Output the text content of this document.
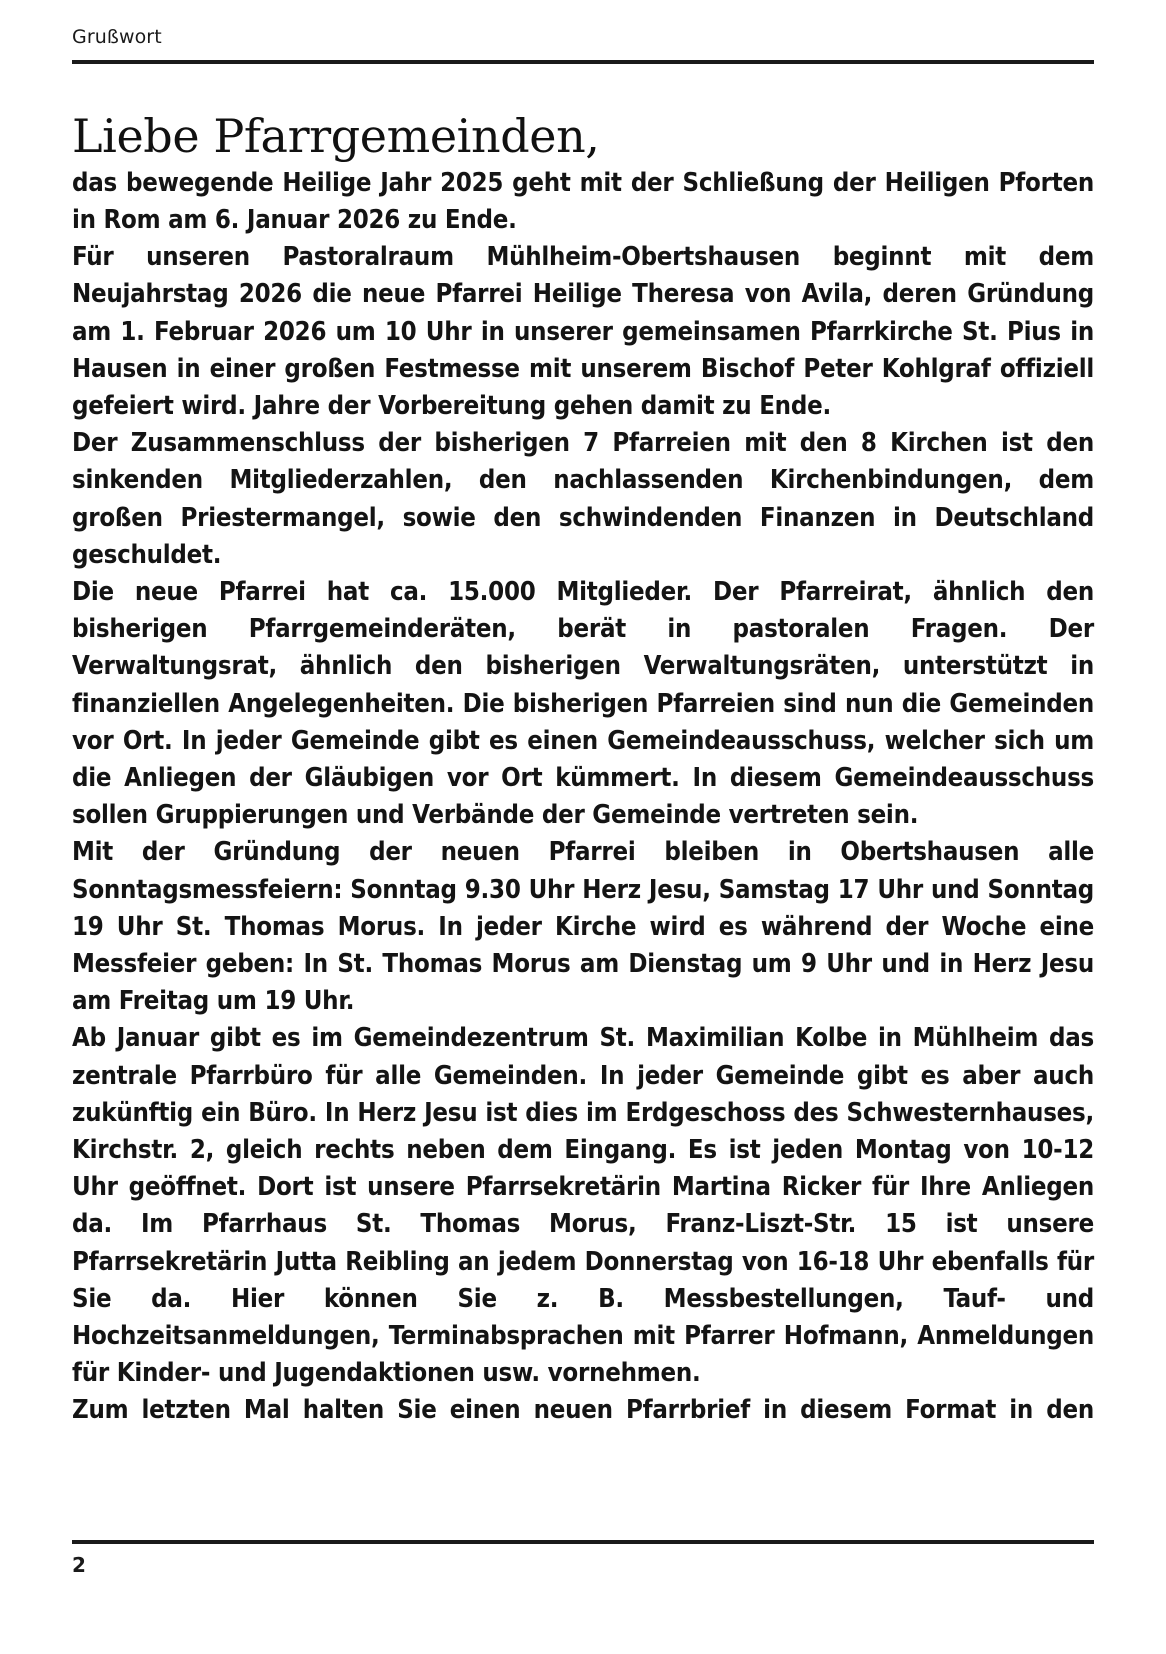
Grußwort
Liebe Pfarrgemeinden,

das bewegende Heilige Jahr 2025 geht mit der Schließung der Heiligen Pforten in Rom am 6. Januar 2026 zu Ende.

Für unseren Pastoralraum Mühlheim-Obertshausen beginnt mit dem Neujahrstag 2026 die neue Pfarrei Heilige Theresa von Avila, deren Gründung am 1. Februar 2026 um 10 Uhr in unserer gemeinsamen Pfarrkirche St. Pius in Hausen in einer großen Festmesse mit unserem Bischof Peter Kohlgraf offiziell gefeiert wird. Jahre der Vorbereitung gehen damit zu Ende.

Der Zusammenschluss der bisherigen 7 Pfarreien mit den 8 Kirchen ist den sinkenden Mitgliederzahlen, den nachlassenden Kirchenbindungen, dem großen Priestermangel, sowie den schwindenden Finanzen in Deutschland geschuldet.

Die neue Pfarrei hat ca. 15.000 Mitglieder. Der Pfarreirat, ähnlich den bisherigen Pfarrgemeinderäten, berät in pastoralen Fragen. Der Verwaltungsrat, ähnlich den bisherigen Verwaltungsräten, unterstützt in finanziellen Angelegenheiten. Die bisherigen Pfarreien sind nun die Gemeinden vor Ort. In jeder Gemeinde gibt es einen Gemeindeausschuss, welcher sich um die Anliegen der Gläubigen vor Ort kümmert. In diesem Gemeindeausschuss sollen Gruppierungen und Verbände der Gemeinde vertreten sein.

Mit der Gründung der neuen Pfarrei bleiben in Obertshausen alle Sonntagsmessfeiern: Sonntag 9.30 Uhr Herz Jesu, Samstag 17 Uhr und Sonntag 19 Uhr St. Thomas Morus. In jeder Kirche wird es während der Woche eine Messfeier geben: In St. Thomas Morus am Dienstag um 9 Uhr und in Herz Jesu am Freitag um 19 Uhr.

Ab Januar gibt es im Gemeindezentrum St. Maximilian Kolbe in Mühlheim das zentrale Pfarrbüro für alle Gemeinden. In jeder Gemeinde gibt es aber auch zukünftig ein Büro. In Herz Jesu ist dies im Erdgeschoss des Schwesternhauses, Kirchstr. 2, gleich rechts neben dem Eingang. Es ist jeden Montag von 10-12 Uhr geöffnet. Dort ist unsere Pfarrsekretärin Martina Ricker für Ihre Anliegen da. Im Pfarrhaus St. Thomas Morus, Franz-Liszt-Str. 15 ist unsere Pfarrsekretärin Jutta Reibling an jedem Donnerstag von 16-18 Uhr ebenfalls für Sie da. Hier können Sie z. B. Messbestellungen, Tauf- und Hochzeitsanmeldungen, Terminabsprachen mit Pfarrer Hofmann, Anmeldungen für Kinder- und Jugendaktionen usw. vornehmen.

Zum letzten Mal halten Sie einen neuen Pfarrbrief in diesem Format in den

2
